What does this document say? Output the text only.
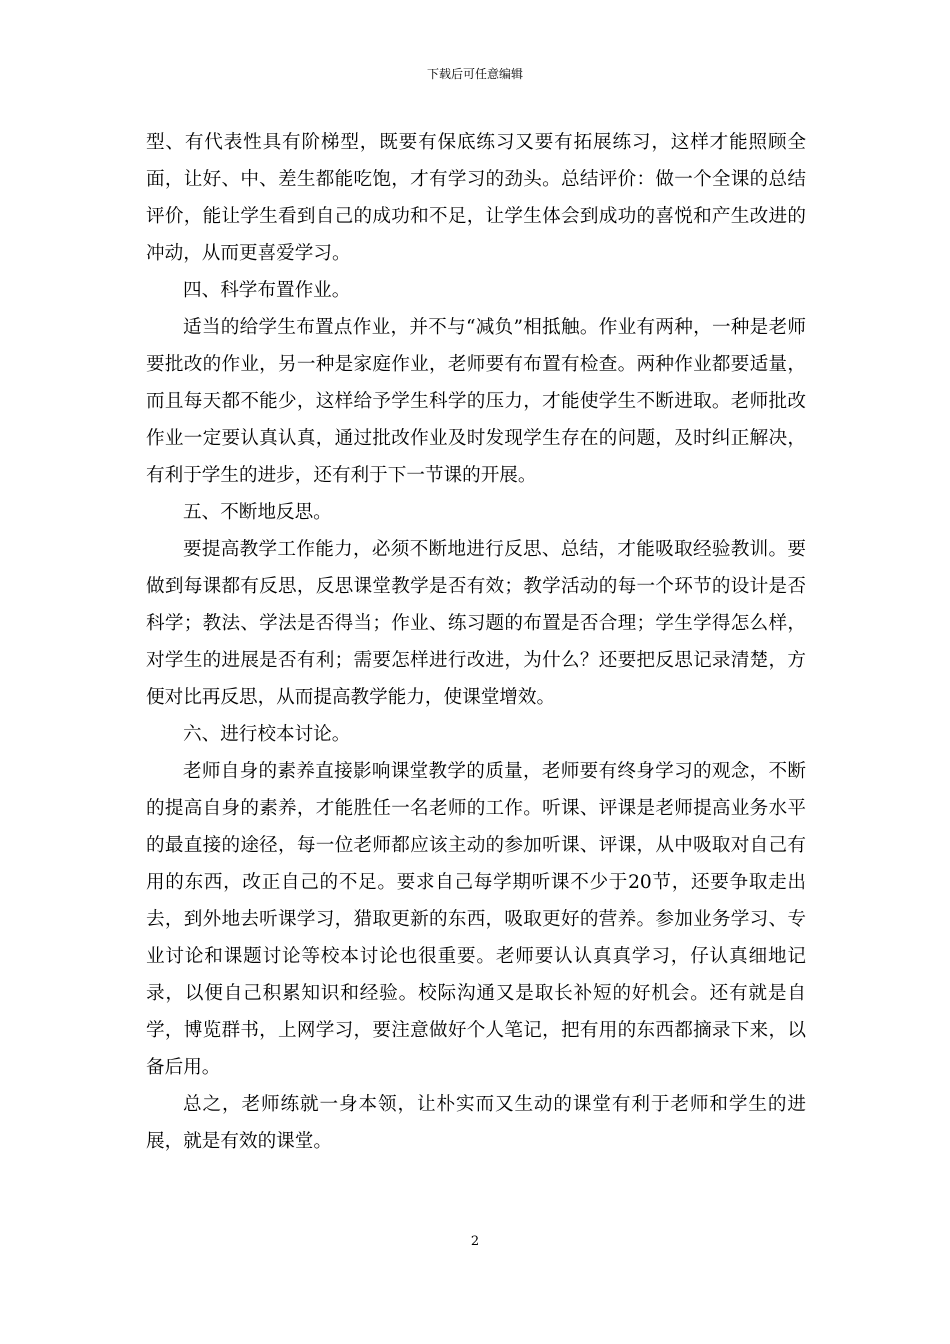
下载后可任意编辑

型、有代表性具有阶梯型，既要有保底练习又要有拓展练习，这样才能照顾全面，让好、中、差生都能吃饱，才有学习的劲头。总结评价：做一个全课的总结评价，能让学生看到自己的成功和不足，让学生体会到成功的喜悦和产生改进的冲动，从而更喜爱学习。

四、科学布置作业。

适当的给学生布置点作业，并不与“减负”相抵触。作业有两种，一种是老师要批改的作业，另一种是家庭作业，老师要有布置有检查。两种作业都要适量，而且每天都不能少，这样给予学生科学的压力，才能使学生不断进取。老师批改作业一定要认真认真，通过批改作业及时发现学生存在的问题，及时纠正解决，有利于学生的进步，还有利于下一节课的开展。

五、不断地反思。

要提高教学工作能力，必须不断地进行反思、总结，才能吸取经验教训。要做到每课都有反思，反思课堂教学是否有效；教学活动的每一个环节的设计是否科学；教法、学法是否得当；作业、练习题的布置是否合理；学生学得怎么样，对学生的进展是否有利；需要怎样进行改进，为什么？还要把反思记录清楚，方便对比再反思，从而提高教学能力，使课堂增效。

六、进行校本讨论。

老师自身的素养直接影响课堂教学的质量，老师要有终身学习的观念，不断的提高自身的素养，才能胜任一名老师的工作。听课、评课是老师提高业务水平的最直接的途径，每一位老师都应该主动的参加听课、评课，从中吸取对自己有用的东西，改正自己的不足。要求自己每学期听课不少于20节，还要争取走出去，到外地去听课学习，猎取更新的东西，吸取更好的营养。参加业务学习、专业讨论和课题讨论等校本讨论也很重要。老师要认认真真学习，仔认真细地记录，以便自己积累知识和经验。校际沟通又是取长补短的好机会。还有就是自学，博览群书，上网学习，要注意做好个人笔记，把有用的东西都摘录下来，以备后用。

总之，老师练就一身本领，让朴实而又生动的课堂有利于老师和学生的进展，就是有效的课堂。

2
